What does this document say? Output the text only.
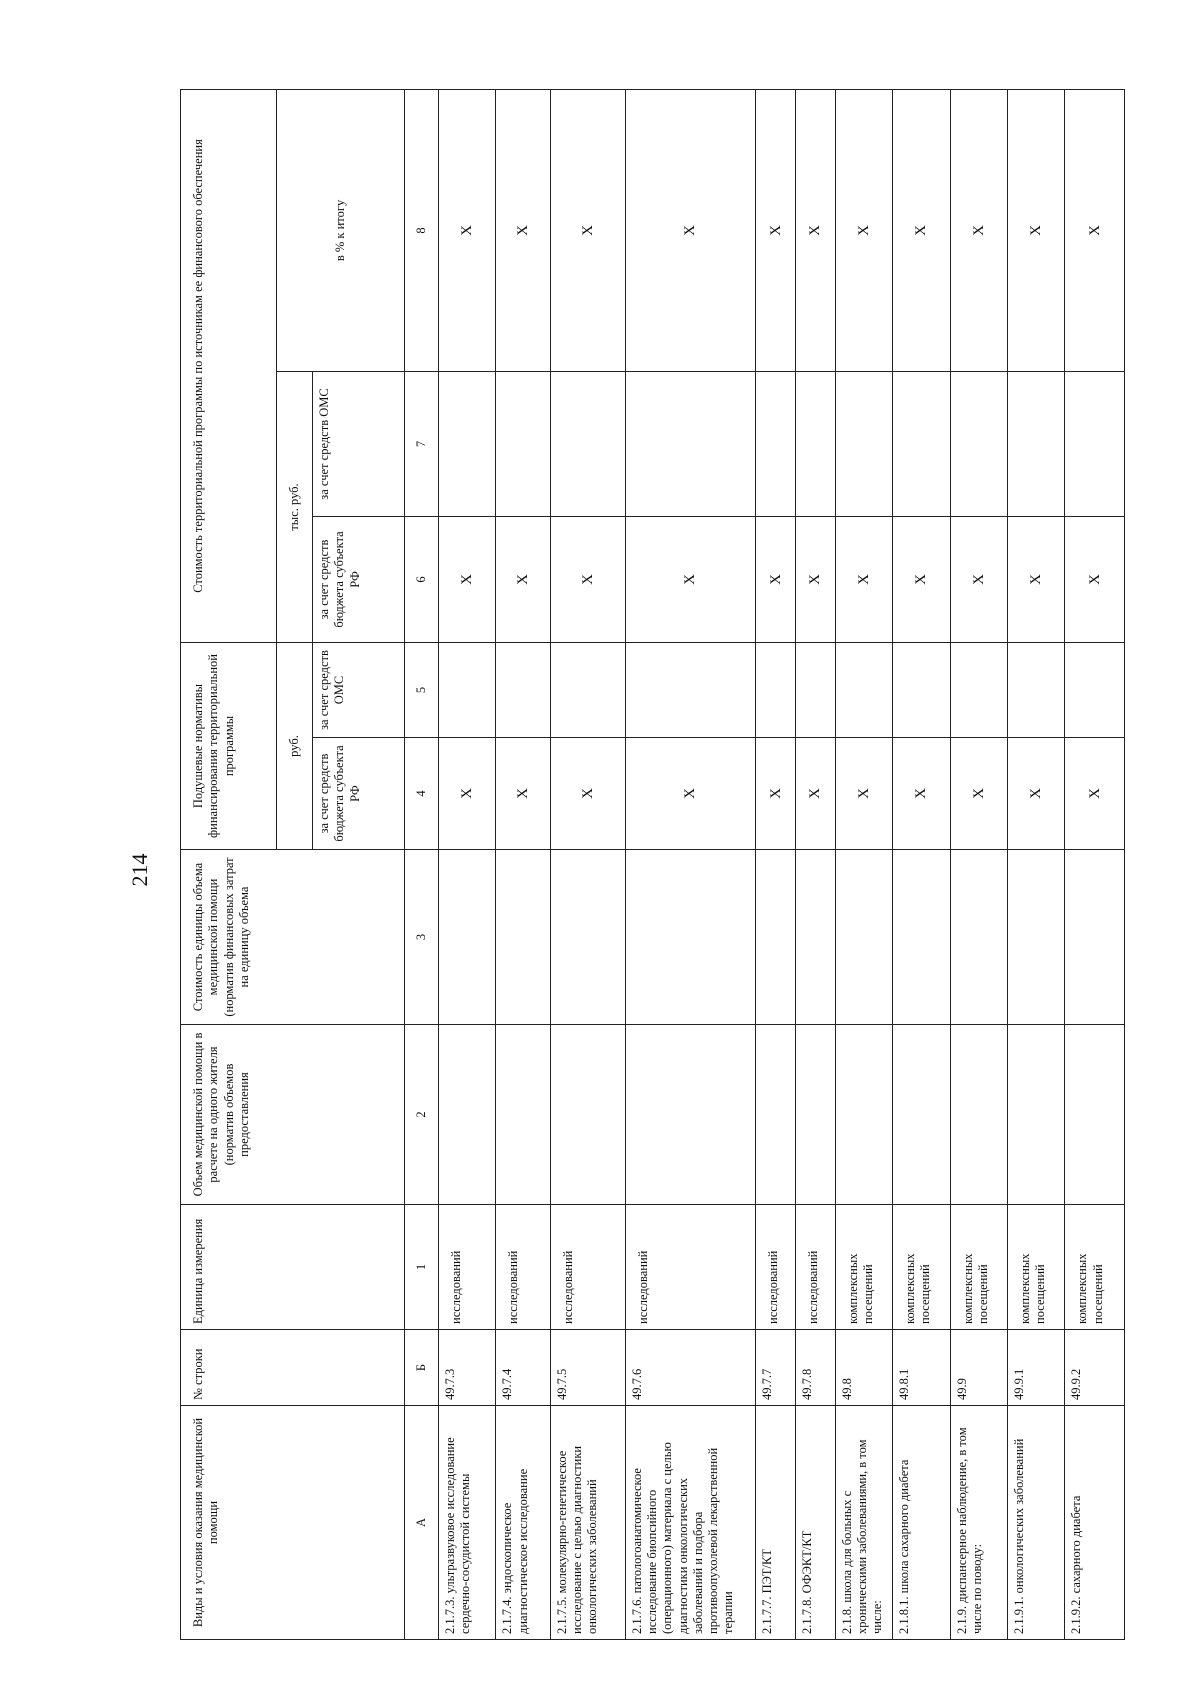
214
Виды и условия оказания медицинской помощи	№ строки	Единица измерения	Объем медицинской помощи в расчете на одного жителя (норматив объемов предоставления	Стоимость единицы объема медицинской помощи (норматив финансовых затрат на единицу объема	Подушевые нормативы финансирования территориальной программы		Стоимость территориальной программы по источникам ее финансового обеспечения		
					руб.		тыс. руб.		в % к итогу
					за счет средств бюджета субъекта РФ	за счет средств ОМС	за счет средств бюджета субъекта РФ	за счет средств ОМС	
А	Б	1	2	3	4	5	6	7	8
2.1.7.3. ультразвуковое исследование сердечно-сосудистой системы	49.7.3	исследований			X		X		X
2.1.7.4. эндоскопическое диагностическое исследование	49.7.4	исследований			X		X		X
2.1.7.5. молекулярно-генетическое исследование с целью диагностики онкологических заболеваний	49.7.5	исследований			X		X		X
2.1.7.6. патологоанатомическое исследование биопсийного (операционного) материала с целью диагностики онкологических заболеваний и подбора противоопухолевой лекарственной терапии	49.7.6	исследований			X		X		X
2.1.7.7. ПЭТ/КТ	49.7.7	исследований			X		X		X
2.1.7.8. ОФЭКТ/КТ	49.7.8	исследований			X		X		X
2.1.8. школа для больных с хроническими заболеваниями, в том числе:	49.8	комплексных посещений			X		X		X
2.1.8.1. школа сахарного диабета	49.8.1	комплексных посещений			X		X		X
2.1.9. диспансерное наблюдение, в том числе по поводу:	49.9	комплексных посещений			X		X		X
2.1.9.1. онкологических заболеваний	49.9.1	комплексных посещений			X		X		X
2.1.9.2. сахарного диабета	49.9.2	комплексных посещений			X		X		X
